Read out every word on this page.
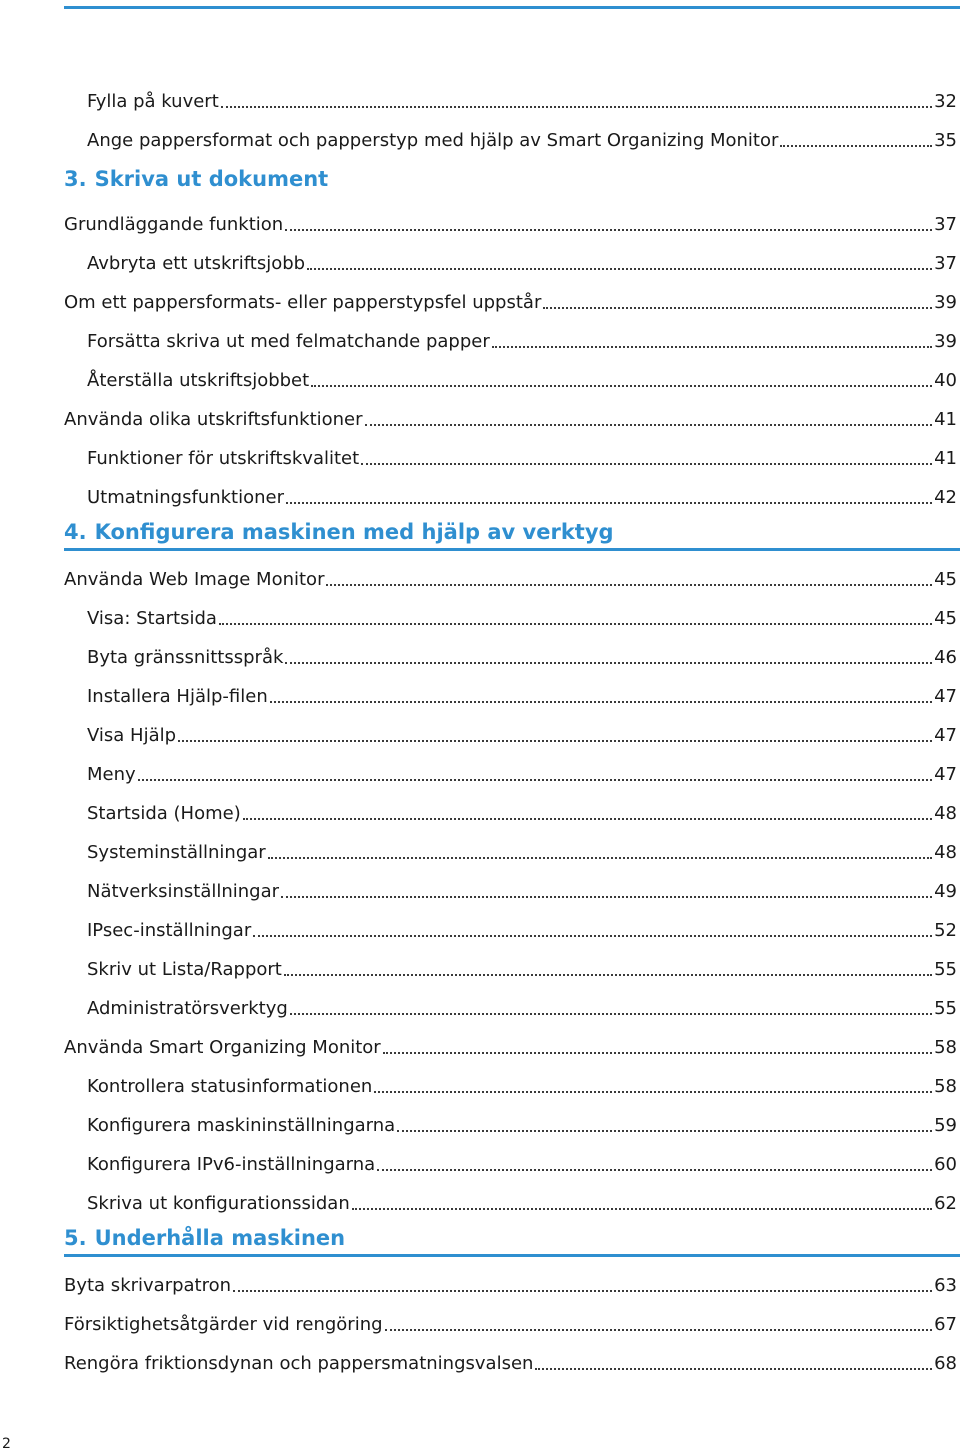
Fylla på kuvert	32
Ange pappersformat och papperstyp med hjälp av Smart Organizing Monitor	35
3. Skriva ut dokument
Grundläggande funktion	37
Avbryta ett utskriftsjobb	37
Om ett pappersformats- eller papperstypsfel uppstår	39
Forsätta skriva ut med felmatchande papper	39
Återställa utskriftsjobbet	40
Använda olika utskriftsfunktioner	41
Funktioner för utskriftskvalitet	41
Utmatningsfunktioner	42
4. Konfigurera maskinen med hjälp av verktyg
Använda Web Image Monitor	45
Visa: Startsida	45
Byta gränssnittsspråk	46
Installera Hjälp-filen	47
Visa Hjälp	47
Meny	47
Startsida (Home)	48
Systeminställningar	48
Nätverksinställningar	49
IPsec-inställningar	52
Skriv ut Lista/Rapport	55
Administratörsverktyg	55
Använda Smart Organizing Monitor	58
Kontrollera statusinformationen	58
Konfigurera maskininställningarna	59
Konfigurera IPv6-inställningarna	60
Skriva ut konfigurationssidan	62
5. Underhålla maskinen
Byta skrivarpatron	63
Försiktighetsåtgärder vid rengöring	67
Rengöra friktionsdynan och pappersmatningsvalsen	68
2
